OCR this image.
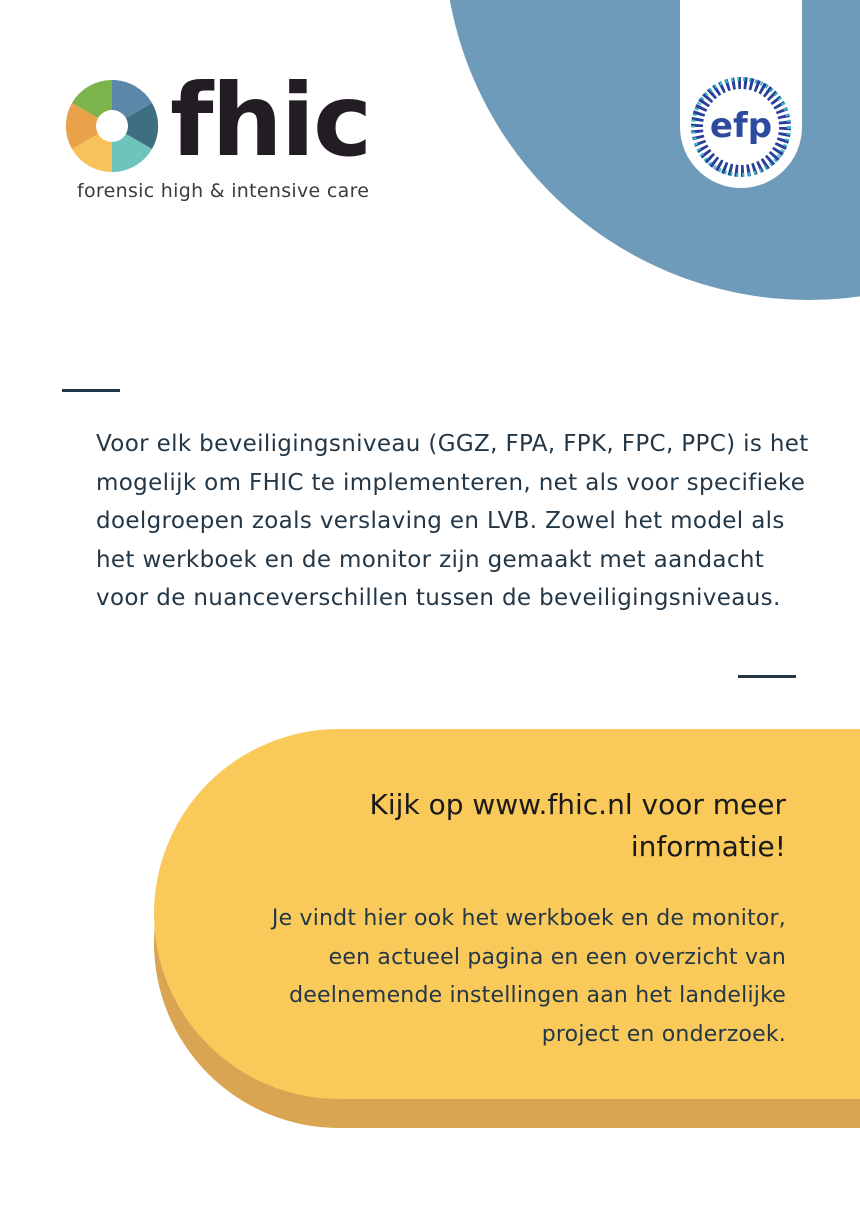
efp
fhic
forensic high & intensive care
Voor elk beveiligingsniveau (GGZ, FPA, FPK, FPC, PPC) is het mogelijk om FHIC te implementeren, net als voor specifieke doelgroepen zoals verslaving en LVB. Zowel het model als het werkboek en de monitor zijn gemaakt met aandacht voor de nuanceverschillen tussen de beveiligingsniveaus.
Kijk op www.fhic.nl voor meer informatie!
Je vindt hier ook het werkboek en de monitor, een actueel pagina en een overzicht van deelnemende instellingen aan het landelijke project en onderzoek.
